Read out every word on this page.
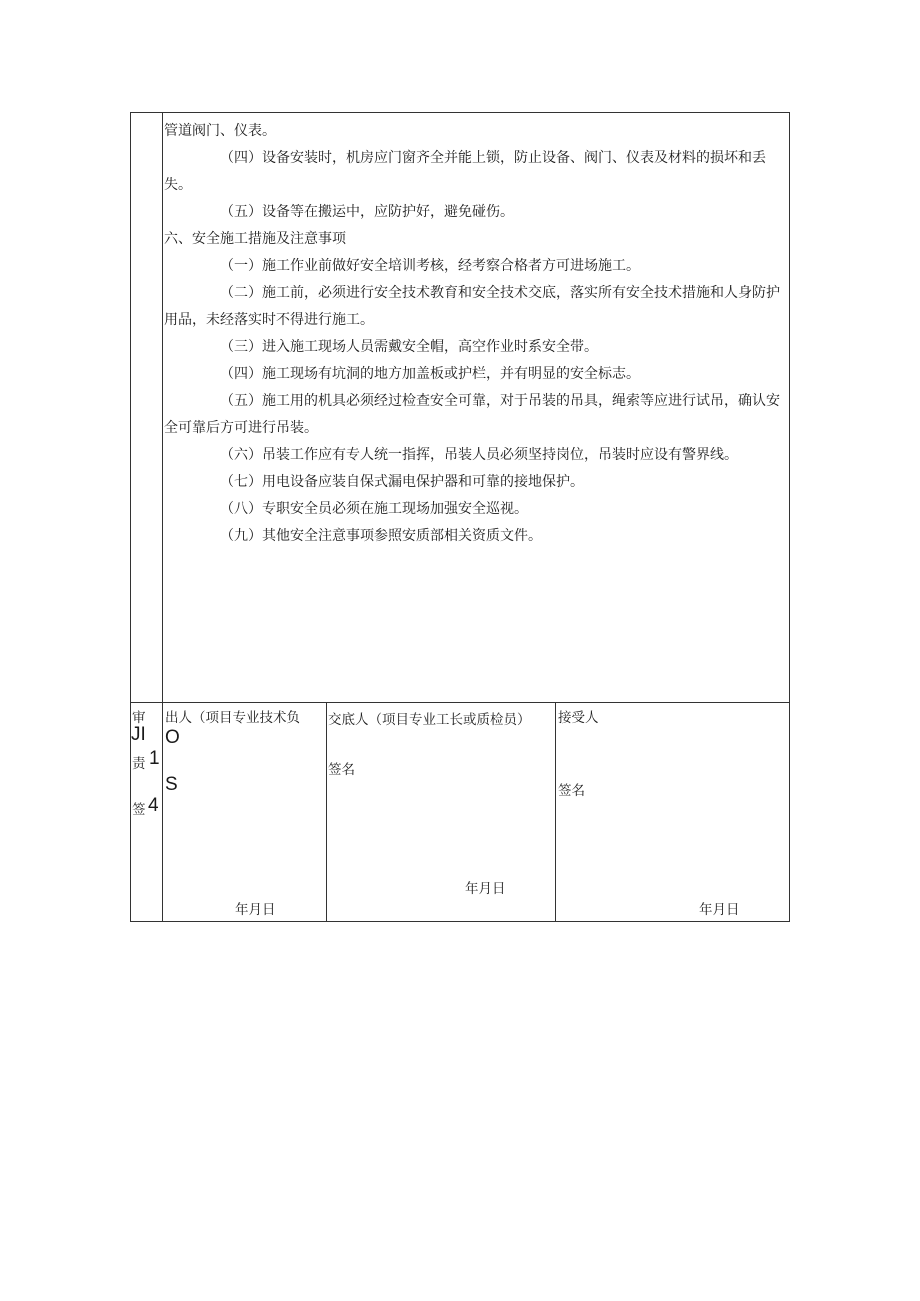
管道阀门、仪表。

（四）设备安装时，机房应门窗齐全并能上锁，防止设备、阀门、仪表及材料的损坏和丢失。

（五）设备等在搬运中，应防护好，避免碰伤。

六、安全施工措施及注意事项

（一）施工作业前做好安全培训考核，经考察合格者方可进场施工。

（二）施工前，必须进行安全技术教育和安全技术交底，落实所有安全技术措施和人身防护用品，未经落实时不得进行施工。

（三）进入施工现场人员需戴安全帽，高空作业时系安全带。

（四）施工现场有坑洞的地方加盖板或护栏，并有明显的安全标志。

（五）施工用的机具必须经过检查安全可靠，对于吊装的吊具，绳索等应进行试吊，确认安全可靠后方可进行吊装。

（六）吊装工作应有专人统一指挥，吊装人员必须坚持岗位，吊装时应设有警界线。

（七）用电设备应装自保式漏电保护器和可靠的接地保护。

（八）专职安全员必须在施工现场加强安全巡视。

（九）其他安全注意事项参照安质部相关资质文件。

审
JI
责 1
签 4
出人（项目专业技术负
O
S
年月日
交底人（项目专业工长或质检员）
签名
年月日
接受人
签名
年月日
